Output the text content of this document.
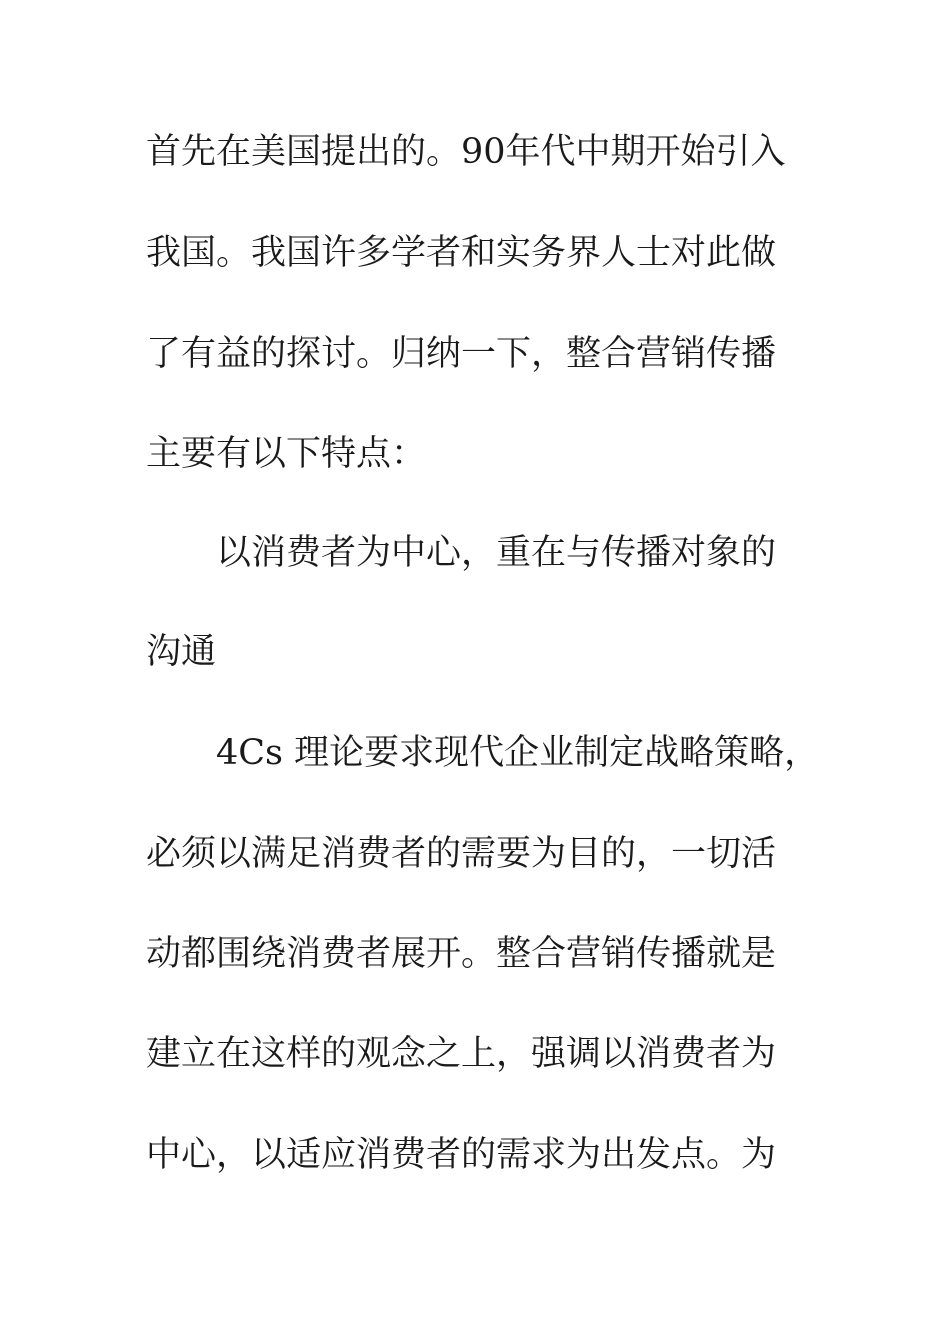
首先在美国提出的。90年代中期开始引入
我国。我国许多学者和实务界人士对此做
了有益的探讨。归纳一下，整合营销传播
主要有以下特点：
以消费者为中心，重在与传播对象的
沟通
4Cs 理论要求现代企业制定战略策略，
必须以满足消费者的需要为目的，一切活
动都围绕消费者展开。整合营销传播就是
建立在这样的观念之上，强调以消费者为
中心，以适应消费者的需求为出发点。为
